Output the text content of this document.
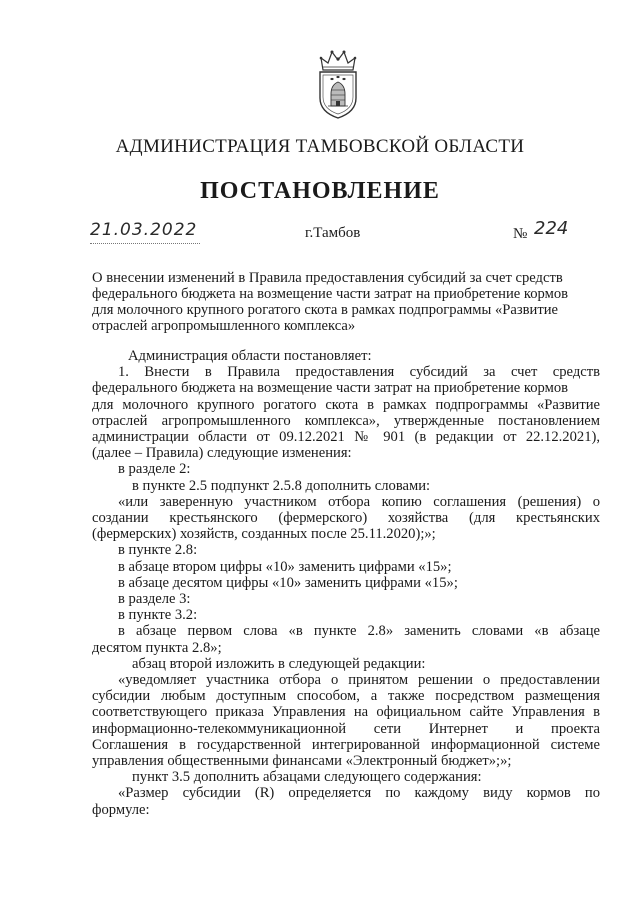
АДМИНИСТРАЦИЯ ТАМБОВСКОЙ ОБЛАСТИ
ПОСТАНОВЛЕНИЕ
21.03.2022	г.Тамбов	№ 224
О внесении изменений в Правила предоставления субсидий за счет средств
федерального бюджета на возмещение части затрат на приобретение кормов
для молочного крупного рогатого скота в рамках подпрограммы «Развитие
отраслей агропромышленного комплекса»
Администрация области постановляет:
1. Внести в Правила предоставления субсидий за счет средств
федерального бюджета на возмещение части затрат на приобретение кормов
для молочного крупного рогатого скота в рамках подпрограммы «Развитие
отраслей агропромышленного комплекса», утвержденные постановлением
администрации области от 09.12.2021 № 901 (в редакции от 22.12.2021),
(далее – Правила) следующие изменения:
в разделе 2:
в пункте 2.5 подпункт 2.5.8 дополнить словами:
«или заверенную участником отбора копию соглашения (решения) о
создании крестьянского (фермерского) хозяйства (для крестьянских
(фермерских) хозяйств, созданных после 25.11.2020);»;
в пункте 2.8:
в абзаце втором цифры «10» заменить цифрами «15»;
в абзаце десятом цифры «10» заменить цифрами «15»;
в разделе 3:
в пункте 3.2:
в абзаце первом слова «в пункте 2.8» заменить словами «в абзаце
десятом пункта 2.8»;
абзац второй изложить в следующей редакции:
«уведомляет участника отбора о принятом решении о предоставлении
субсидии любым доступным способом, а также посредством размещения
соответствующего приказа Управления на официальном сайте Управления в
информационно-телекоммуникационной сети Интернет и проекта
Соглашения в государственной интегрированной информационной системе
управления общественными финансами «Электронный бюджет»;»;
пункт 3.5 дополнить абзацами следующего содержания:
«Размер субсидии (R) определяется по каждому виду кормов по
формуле:
